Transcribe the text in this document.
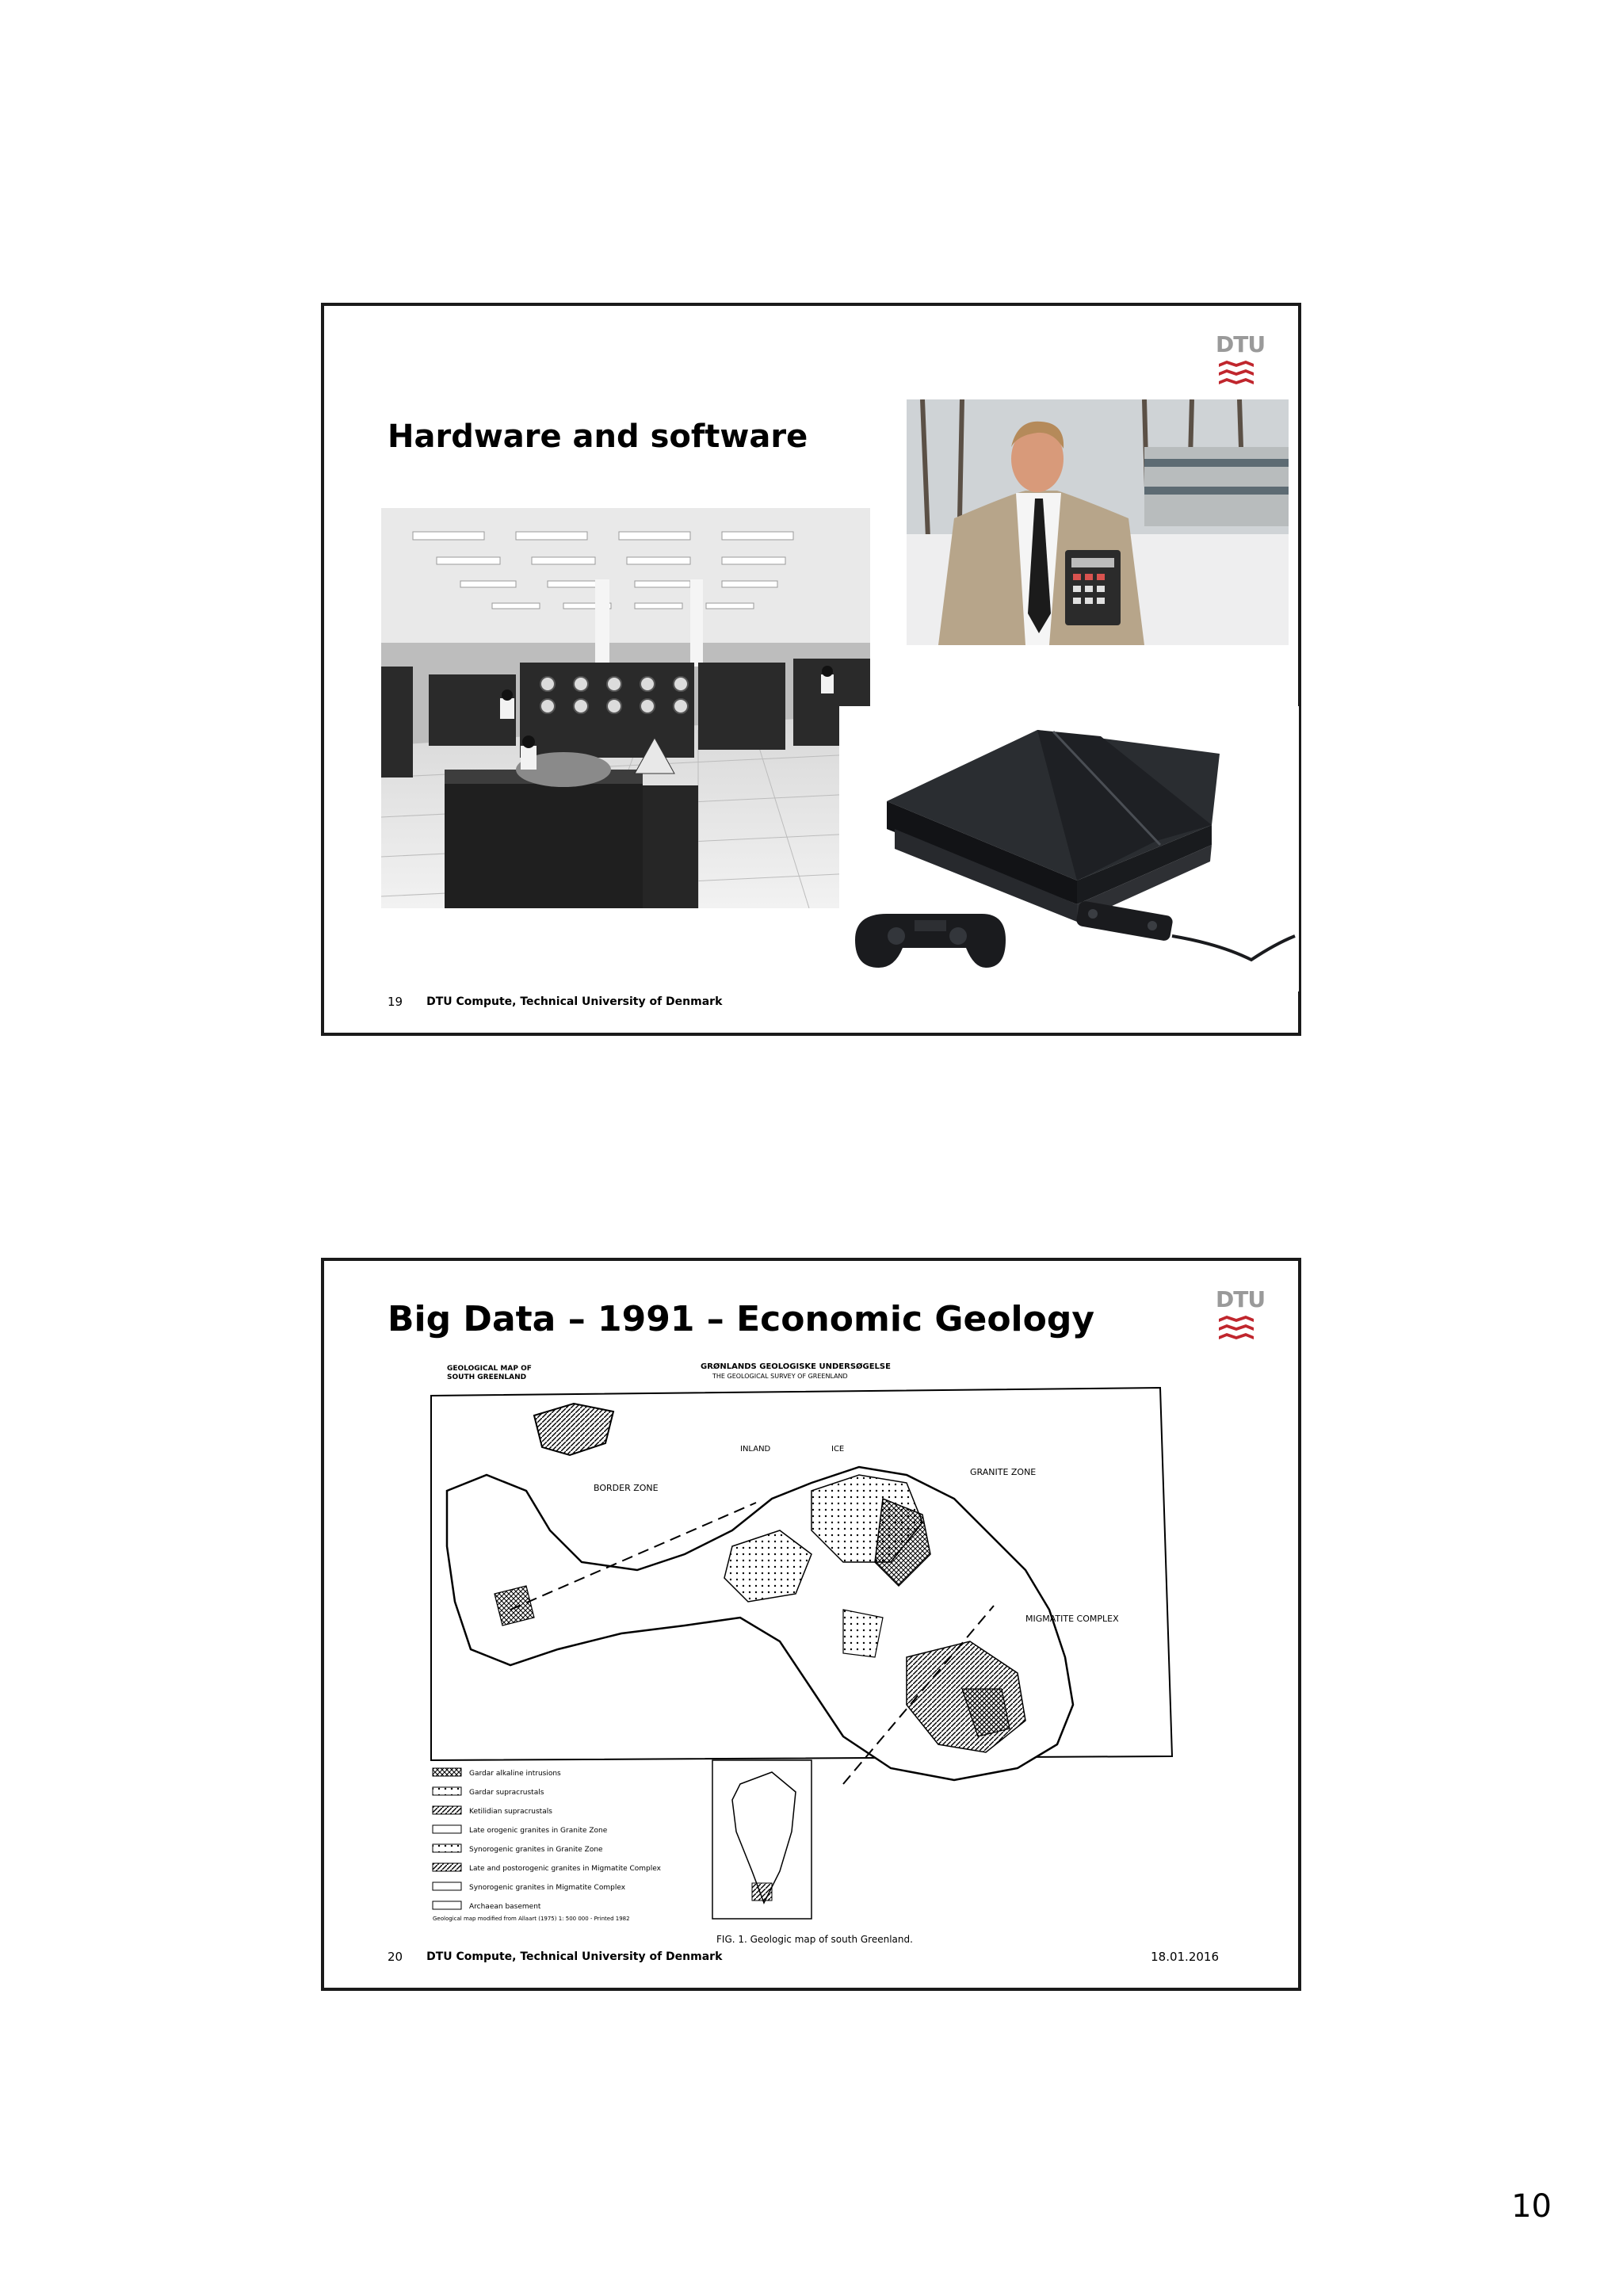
DTU
Hardware and software
19 DTU Compute, Technical University of Denmark
DTU
Big Data – 1991 – Economic Geology
GEOLOGICAL MAP OF
SOUTH GREENLAND
GRØNLANDS GEOLOGISKE UNDERSØGELSE
THE GEOLOGICAL SURVEY OF GREENLAND
INLAND	ICE
BORDER ZONE
GRANITE ZONE
MIGMATITE COMPLEX
Gardar alkaline intrusions
Gardar supracrustals
Ketilidian supracrustals
Late orogenic granites in Granite Zone
Synorogenic granites in Granite Zone
Late and postorogenic granites in Migmatite Complex
Synorogenic granites in Migmatite Complex
Archaean basement
Geological map modified from Allaart (1975) 1: 500 000 - Printed 1982
FIG. 1. Geologic map of south Greenland.
20 DTU Compute, Technical University of Denmark	18.01.2016
10
